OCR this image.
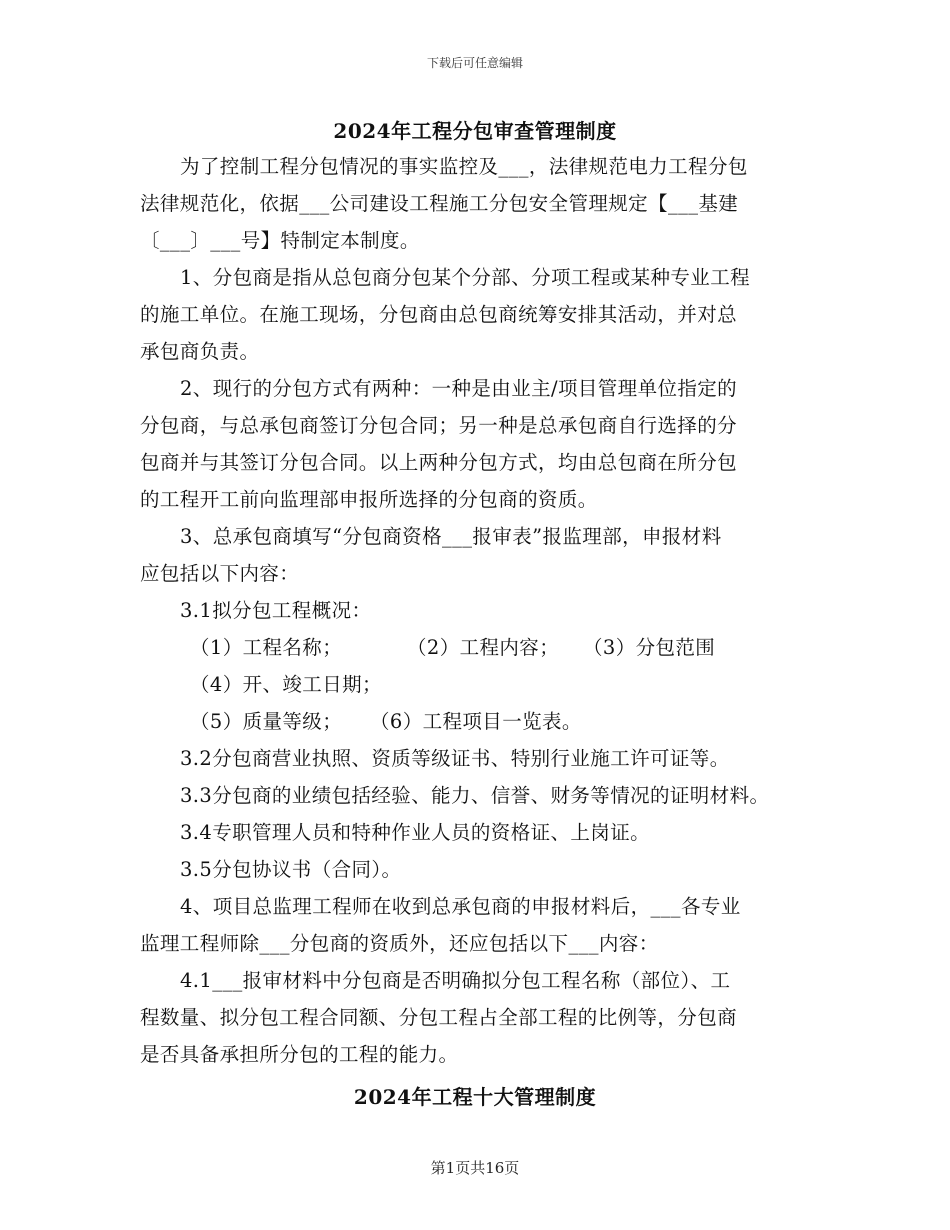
下载后可任意编辑
2024年工程分包审查管理制度

为了控制工程分包情况的事实监控及___，法律规范电力工程分包

法律规范化，依据___公司建设工程施工分包安全管理规定【___基建

〔___〕___号】特制定本制度。

1、分包商是指从总包商分包某个分部、分项工程或某种专业工程

的施工单位。在施工现场，分包商由总包商统筹安排其活动，并对总

承包商负责。

2、现行的分包方式有两种：一种是由业主/项目管理单位指定的

分包商，与总承包商签订分包合同；另一种是总承包商自行选择的分

包商并与其签订分包合同。以上两种分包方式，均由总包商在所分包

的工程开工前向监理部申报所选择的分包商的资质。

3、总承包商填写“分包商资格___报审表”报监理部，申报材料

应包括以下内容：

3.1拟分包工程概况：

（1）工程名称；	（2）工程内容；	（3）分包范围
（4）开、竣工日期；
（5）质量等级；	（6）工程项目一览表。

3.2分包商营业执照、资质等级证书、特别行业施工许可证等。

3.3分包商的业绩包括经验、能力、信誉、财务等情况的证明材料。

3.4专职管理人员和特种作业人员的资格证、上岗证。

3.5分包协议书（合同）。

4、项目总监理工程师在收到总承包商的申报材料后，___各专业

监理工程师除___分包商的资质外，还应包括以下___内容：

4.1___报审材料中分包商是否明确拟分包工程名称（部位）、工

程数量、拟分包工程合同额、分包工程占全部工程的比例等，分包商

是否具备承担所分包的工程的能力。

2024年工程十大管理制度
第1页共16页
